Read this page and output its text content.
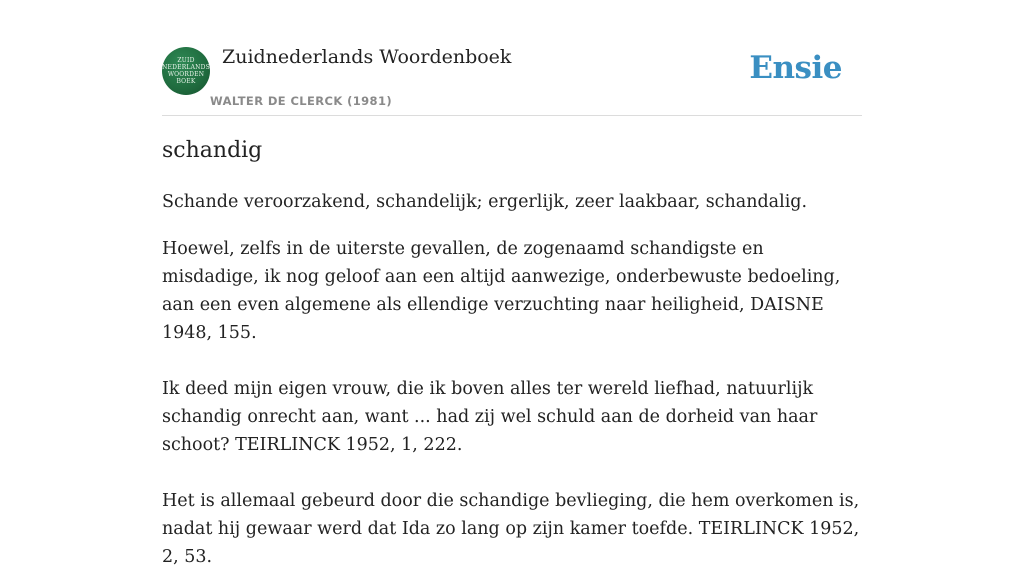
ZUID
NEDERLANDS
WOORDEN
BOEK
Zuidnederlands Woordenboek
WALTER DE CLERCK (1981)
Ensie
schandig

Schande veroorzakend, schandelijk; ergerlijk, zeer laakbaar, schandalig.

Hoewel, zelfs in de uiterste gevallen, de zogenaamd schandigste en misdadige, ik nog geloof aan een altijd aanwezige, onderbewuste bedoeling, aan een even algemene als ellendige verzuchting naar heiligheid, DAISNE 1948, 155.

Ik deed mijn eigen vrouw, die ik boven alles ter wereld liefhad, natuurlijk schandig onrecht aan, want ... had zij wel schuld aan de dorheid van haar schoot? TEIRLINCK 1952, 1, 222.

Het is allemaal gebeurd door die schandige bevlieging, die hem overkomen is, nadat hij gewaar werd dat Ida zo lang op zijn kamer toefde. TEIRLINCK 1952, 2, 53.
